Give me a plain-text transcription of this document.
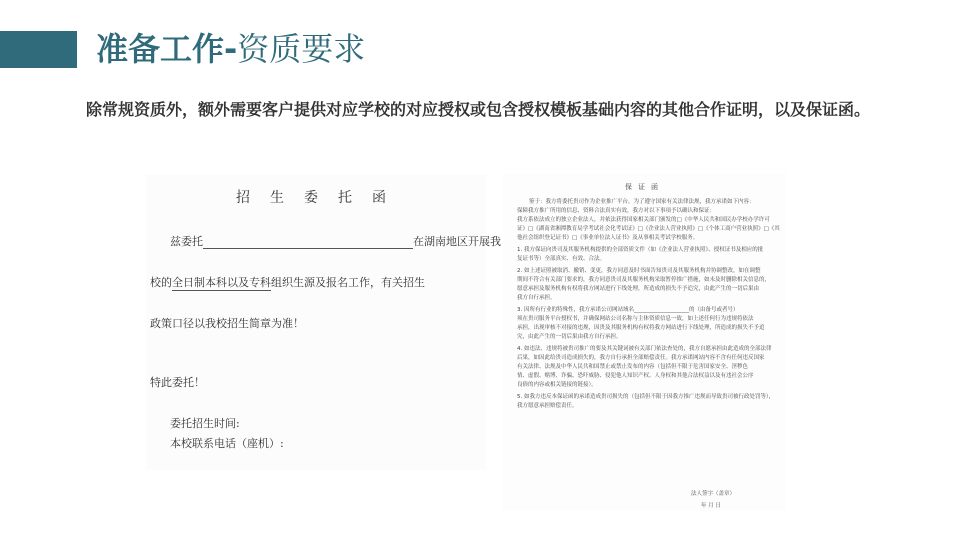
准备工作-资质要求
除常规资质外，额外需要客户提供对应学校的对应授权或包含授权模板基础内容的其他合作证明，以及保证函。
招生委托函
兹委托	在湖南地区开展我
校的全日制本科以及专科组织生源及报名工作，有关招生
政策口径以我校招生简章为准！
特此委托！
委托招生时间:
本校联系电话（座机）:
保证函
鉴于：我方将委托贵司作为企业推广平台，为了遵守国家有关法律法规，我方承诺如下内容：
保障我方推广所用的信息、资料合法真实有效，我方对以下事项予以确认和保证：
我方系依法成立的独立企业法人，并依法获得国家相关部门颁发的□《中华人民共和国民办学校办学许可
证》□《湖南省湘潭教育局学考试社会化考试证》□《企业法人营业执照》□《个体工商户营业执照》□《其
他社会组织登记证书》□《事业单位法人证书》及从事相关考试学校服务。
1. 我方保证向贵司及其服务机构提供的全部资质文件（如《企业法人营业执照》、授权证书及相应的批
复证书等）全部真实、有效、合法。
2. 如上述证照被取消、撤销、变更，我方同意及时书面告知贵司及其服务机构并协调整改，如在调整
期间不符合有关部门要求的，我方同意贵司及其服务机构采取暂停推广措施，如未及时删除相关信息的，
愿意承担及服务机构有权将我方网站进行下线处理，所造成的损失不予追究，由此产生的一切后果由
我方自行承担。
3. 因所有行业的特殊性，我方承诺公司网站域名____________________的（由备号或者号）
须在贵司服务平台授权书，并确保网站公司名称与主体资质信息一致，如上述任何行为违规将依法
承担，出现审核不对接的违规，因贵及其服务机构有权将我方网站进行下线处理，所造成的损失不予追
究，由此产生的一切后果由我方自行承担。
4. 如违法、违规将被贵司推广的要及其关键词被有关部门依法查处的，我方自愿承担由此造成的全部法律
后果，如因此给贵司造成损失的，我方自行承担全部赔偿责任。我方承诺网站内容不含有任何违反国家
有关法律、法规及中华人民共和国禁止或禁止发布的内容（包括但不限于危害国家安全、淫秽色
情、虚假、赌博、诈骗、恐吓威胁、侵犯他人知识产权、人身权和其他合法权益以及有违社会公序
良俗的内容或相关链接的链接）。
5. 如我方违反本保证函的承诺造成贵司损失的（包括但不限于因我方推广违规而导致贵司被行政处罚等），
我方愿意承担赔偿责任。
法人签字（盖章）
年 月 日
